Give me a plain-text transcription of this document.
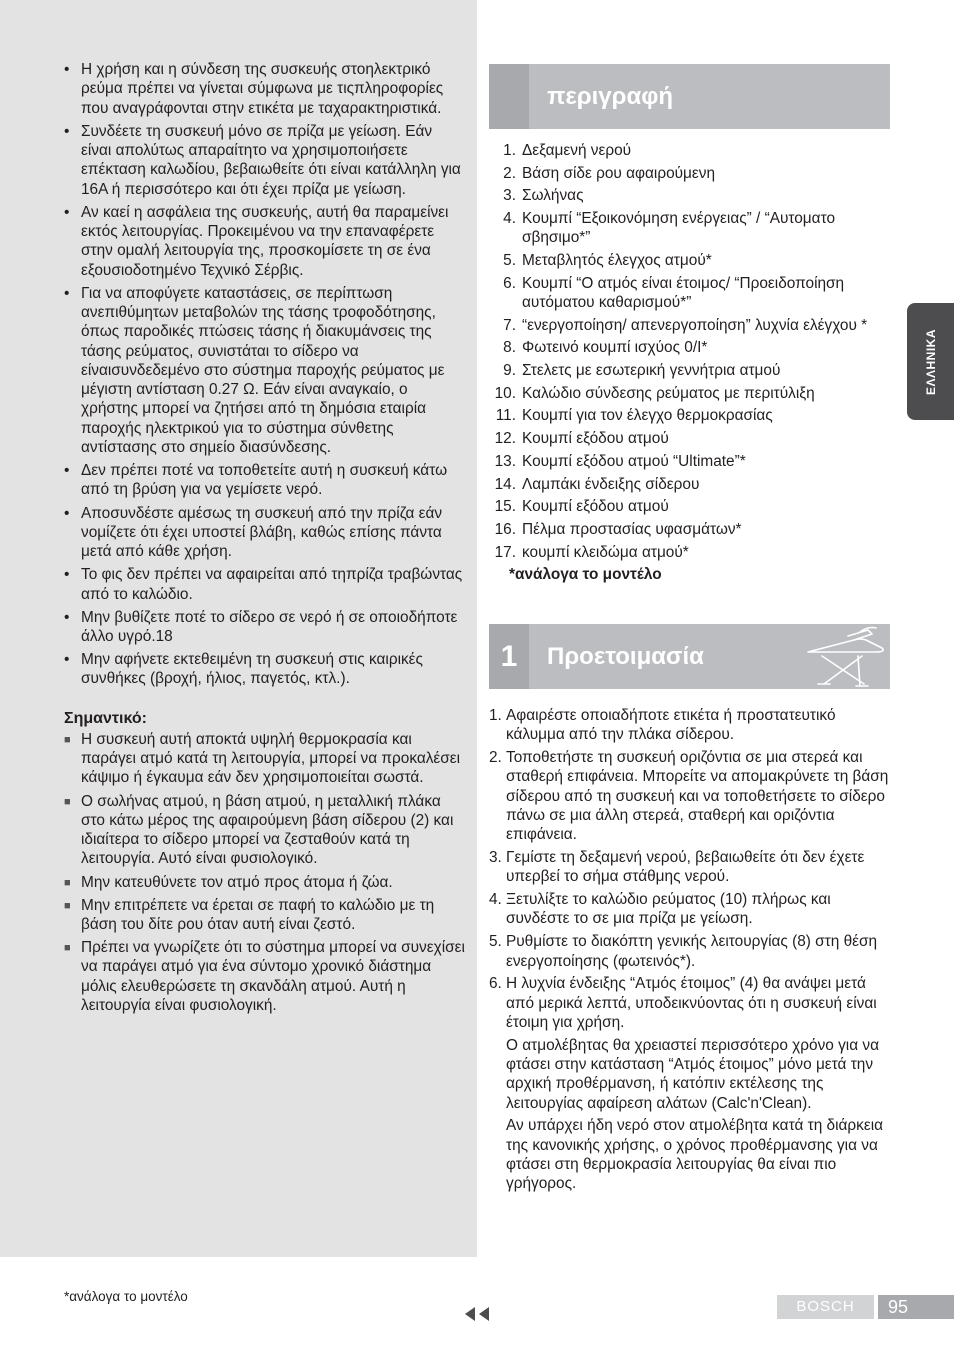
• Η χρήση και η σύνδεση της συσκευής στοηλεκτρικό ρεύμα πρέπει να γίνεται σύμφωνα με τιςπληροφορίες που αναγράφονται στην ετικέτα με ταχαρακτηριστικά.
• Συνδέετε τη συσκευή μόνο σε πρίζα με γείωση. Εάν είναι απολύτως απαραίτητο να χρησιμοποιήσετε επέκταση καλωδίου, βεβαιωθείτε ότι είναι κατάλληλη για 16A ή περισσότερο και ότι έχει πρίζα με γείωση.
• Αν καεί η ασφάλεια της συσκευής, αυτή θα παραμείνει εκτός λειτουργίας. Προκειμένου να την επαναφέρετε στην ομαλή λειτουργία της, προσκομίσετε τη σε ένα εξουσιοδοτημένο Τεχνικό Σέρβις.
• Για να αποφύγετε καταστάσεις, σε περίπτωση ανεπιθύμητων μεταβολών της τάσης τροφοδότησης, όπως παροδικές πτώσεις τάσης ή διακυμάνσεις της τάσης ρεύματος, συνιστάται το σίδερο να είναισυνδεδεμένο στο σύστημα παροχής ρεύματος με μέγιστη αντίσταση 0.27 Ω. Εάν είναι αναγκαίο, ο χρήστης μπορεί να ζητήσει από τη δημόσια εταιρία παροχής ηλεκτρικού για το σύστημα σύνθετης αντίστασης στο σημείο διασύνδεσης.
• Δεν πρέπει ποτέ να τοποθετείτε αυτή η συσκευή κάτω από τη βρύση για να γεμίσετε νερό.
• Αποσυνδέστε αμέσως τη συσκευή από την πρίζα εάν νομίζετε ότι έχει υποστεί βλάβη, καθώς επίσης πάντα μετά από κάθε χρήση.
• Το φις δεν πρέπει να αφαιρείται από τηπρίζα τραβώντας από το καλώδιο.
• Μην βυθίζετε ποτέ το σίδερο σε νερό ή σε οποιοδήποτε άλλο υγρό.18
• Μην αφήνετε εκτεθειμένη τη συσκευή στις καιρικές συνθήκες (βροχή, ήλιος, παγετός, κτλ.).
Σημαντικό:
■ Η συσκευή αυτή αποκτά υψηλή θερμοκρασία και παράγει ατμό κατά τη λειτουργία, μπορεί να προκαλέσει κάψιμο ή έγκαυμα εάν δεν χρησιμοποιείται σωστά.
■ Ο σωλήνας ατμού, η βάση ατμού, η μεταλλική πλάκα στο κάτω μέρος της αφαιρούμενη βάση σίδερου (2) και ιδιαίτερα το σίδερο μπορεί να ζεσταθούν κατά τη λειτουργία. Αυτό είναι φυσιολογικό.
■ Μην κατευθύνετε τον ατμό προς άτομα ή ζώα.
■ Μην επιτρέπετε να έρεται σε παφή το καλώδιο με τη βάση του δίτε ρου όταν αυτή είναι ζεστό.
■ Πρέπει να γνωρίζετε ότι το σύστημα μπορεί να συνεχίσει να παράγει ατμό για ένα σύντομο χρονικό διάστημα μόλις ελευθερώσετε τη σκανδάλη ατμού. Αυτή η λειτουργία είναι φυσιολογική.
περιγραφή
1. Δεξαμενή νερού
2. Βάση σίδε ρου αφαιρούμενη
3. Σωλήνας
4. Κουμπί “Εξοικονόμηση ενέργειας” / “Αυτοματο σβησιμο*”
5. Μεταβλητός έλεγχος ατμού*
6. Κουμπί “Ο ατμός είναι έτοιμος/ “Προειδοποίηση αυτόματου καθαρισμού*”
7. “ενεργοποίηση/ απενεργοποίηση” λυχνία ελέγχου *
8. Φωτεινό κουμπί ισχύος 0/I*
9. Στελετς με εσωτερική γεννήτρια ατμού
10. Καλώδιο σύνδεσης ρεύματος με περιτύλιξη
11. Κουμπί για τον έλεγχο θερμοκρασίας
12. Κουμπί εξόδου ατμού
13. Κουμπί εξόδου ατμού “Ultimate”*
14. Λαμπάκι ένδειξης σίδερου
15. Κουμπί εξόδου ατμού
16. Πέλμα προστασίας υφασμάτων*
17. κουμπί κλειδώμα ατμού*
*ανάλογα το μοντέλο
1	Προετοιμασία
1. Αφαιρέστε οποιαδήποτε ετικέτα ή προστατευτικό κάλυμμα από την πλάκα σίδερου.
2. Τοποθετήστε τη συσκευή οριζόντια σε μια στερεά και σταθερή επιφάνεια. Μπορείτε να απομακρύνετε τη βάση σίδερου από τη συσκευή και να τοποθετήσετε το σίδερο πάνω σε μια άλλη στερεά, σταθερή και οριζόντια επιφάνεια.
3. Γεμίστε τη δεξαμενή νερού, βεβαιωθείτε ότι δεν έχετε υπερβεί το σήμα στάθμης νερού.
4. Ξετυλίξτε το καλώδιο ρεύματος (10) πλήρως και συνδέστε το σε μια πρίζα με γείωση.
5. Ρυθμίστε το διακόπτη γενικής λειτουργίας (8) στη θέση ενεργοποίησης (φωτεινός*).
6. Η λυχνία ένδειξης “Ατμός έτοιμος” (4) θα ανάψει μετά από μερικά λεπτά, υποδεικνύοντας ότι η συσκευή είναι έτοιμη για χρήση.
Ο ατμολέβητας θα χρειαστεί περισσότερο χρόνο για να φτάσει στην κατάσταση “Ατμός έτοιμος” μόνο μετά την αρχική προθέρμανση, ή κατόπιν εκτέλεσης της λειτουργίας αφαίρεση αλάτων (Calc'n'Clean).
Αν υπάρχει ήδη νερό στον ατμολέβητα κατά τη διάρκεια της κανονικής χρήσης, ο χρόνος προθέρμανσης για να φτάσει στη θερμοκρασία λειτουργίας θα είναι πιο γρήγορος.
ΕΛΛΗΝΙΚΑ
*ανάλογα το μοντέλο
BOSCH	95
